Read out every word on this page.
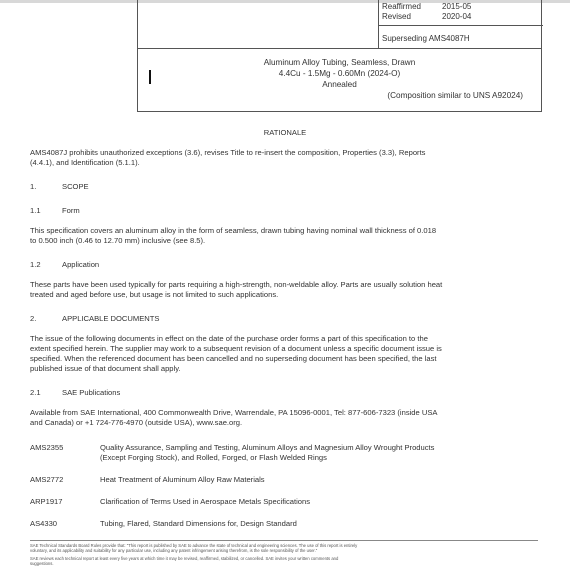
Reaffirmed	2015-05
Revised	2020-04
Superseding AMS4087H
Aluminum Alloy Tubing, Seamless, Drawn
4.4Cu - 1.5Mg - 0.60Mn (2024-O)
Annealed
(Composition similar to UNS A92024)
RATIONALE
AMS4087J prohibits unauthorized exceptions (3.6), revises Title to re-insert the composition, Properties (3.3), Reports
(4.4.1), and Identification (5.1.1).
1.	SCOPE
1.1	Form
This specification covers an aluminum alloy in the form of seamless, drawn tubing having nominal wall thickness of 0.018
to 0.500 inch (0.46 to 12.70 mm) inclusive (see 8.5).
1.2	Application
These parts have been used typically for parts requiring a high-strength, non-weldable alloy. Parts are usually solution heat
treated and aged before use, but usage is not limited to such applications.
2.	APPLICABLE DOCUMENTS
The issue of the following documents in effect on the date of the purchase order forms a part of this specification to the
extent specified herein. The supplier may work to a subsequent revision of a document unless a specific document issue is
specified. When the referenced document has been cancelled and no superseding document has been specified, the last
published issue of that document shall apply.
2.1	SAE Publications
Available from SAE International, 400 Commonwealth Drive, Warrendale, PA 15096-0001, Tel: 877-606-7323 (inside USA
and Canada) or +1 724-776-4970 (outside USA), www.sae.org.
AMS2355	Quality Assurance, Sampling and Testing, Aluminum Alloys and Magnesium Alloy Wrought Products
(Except Forging Stock), and Rolled, Forged, or Flash Welded Rings
AMS2772	Heat Treatment of Aluminum Alloy Raw Materials
ARP1917	Clarification of Terms Used in Aerospace Metals Specifications
AS4330	Tubing, Flared, Standard Dimensions for, Design Standard
SAE Technical Standards Board Rules provide that: "This report is published by SAE to advance the state of technical and engineering sciences. The use of this report is entirely
voluntary, and its applicability and suitability for any particular use, including any patent infringement arising therefrom, is the sole responsibility of the user."
SAE reviews each technical report at least every five years at which time it may be revised, reaffirmed, stabilized, or cancelled. SAE invites your written comments and
suggestions.
